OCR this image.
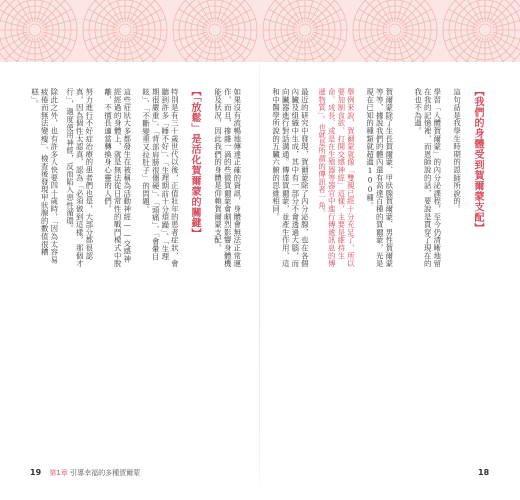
【我們的身體受到賀爾蒙支配】
這句話是我學生時期的恩師所說的。
學習「人體賀爾蒙」的內分泌課程，至今仍清晰地留在我的記憶裡，而恩師說的話，要說是貫穿了現在的我也不為過。
賀爾蒙除了生長賀爾蒙、甲狀腺賀爾蒙、男性賀爾蒙等等，據說我們的體內還有高達百種的賀爾蒙，光是現在已知的種類就超過100種。
舉例來說，賀爾蒙就像「雙親已經十分充足了，所以要加制食欲、打開交感神經」這樣，主要是維持生命、成長、或是在生殖器等器官中進行傳遞訊息的傳遞物質」。也就是所謂的傳訊者一角。
最近的研究中發現，賀爾蒙除了內分泌腺，也在各個內臟及組織中生成，其中有一部分不會透過大腦，而向臟器進行對話溝通。傳達賀爾蒙，並產生作用，這和中醫學所說的五臟六腑的思維相同。
如果沒有流暢地傳達正確的資訊，身體會無法正常運作，而且，摻雜一滴的些微賀爾蒙會劇烈影響身體機能及狀況，因此我們的身體是仰賴賀爾蒙支配。
【「放鬆」是活化賀爾蒙的關鍵】
特別是有三十歲世代以後，正值壯年的患者症狀，會聽到許多「睡不好」、「生理期前十分煩躁」、「生理期很嚴重」、「背部肩膀很僵硬」、「頭痛」、「會暈目眩」、「不斷變重又拉肚子」的問題。
這些症狀大多都發生在被稱為活動神經——交感神經經過的身體上，就是無法從日常性的戰鬥模式中脫離，不擅長適當轉換身心靈的人們。
努力進行不好症治療的患者們也是，大部分都很認真，因為個性太認真，認為「必須做到這樣，那個才行」，過度使用神經，反而陷入惡性循環。
除此之外，也有許多人快要四十歲時，「因為太容易疲倦而無法變瘦」、檢查後發現甲狀腺的數值很糟糕」。
19 第1章 引導幸福的多種賀爾蒙	18
